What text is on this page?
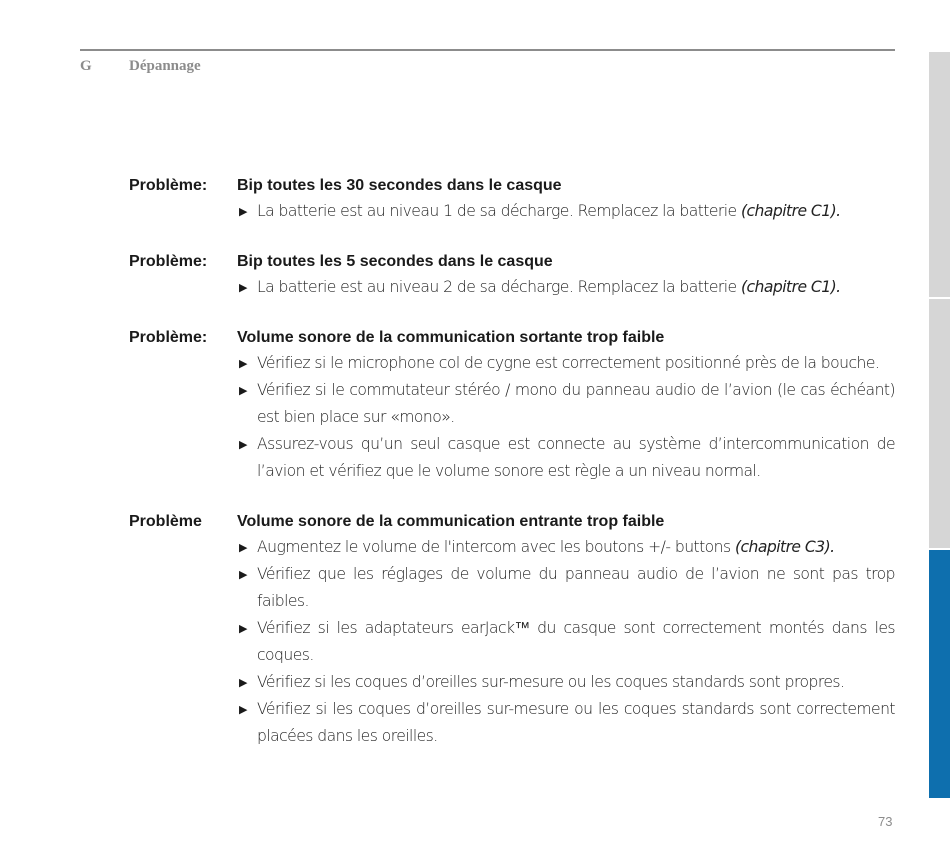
G Dépannage
Problème: Bip toutes les 30 secondes dans le casque
▶ La batterie est au niveau 1 de sa décharge. Remplacez la batterie (chapitre C1).
Problème: Bip toutes les 5 secondes dans le casque
▶ La batterie est au niveau 2 de sa décharge. Remplacez la batterie (chapitre C1).
Problème: Volume sonore de la communication sortante trop faible
▶ Vérifiez si le microphone col de cygne est correctement positionné près de la bouche.
▶ Vérifiez si le commutateur stéréo / mono du panneau audio de l’avion (le cas échéant) est bien place sur «mono».
▶ Assurez-vous qu’un seul casque est connecte au système d’intercommunication de l’avion et vérifiez que le volume sonore est règle a un niveau normal.
Problème Volume sonore de la communication entrante trop faible
▶ Augmentez le volume de l'intercom avec les boutons +/- buttons (chapitre C3).
▶ Vérifiez que les réglages de volume du panneau audio de l’avion ne sont pas trop faibles.
▶ Vérifiez si les adaptateurs earJack™ du casque sont correctement montés dans les coques.
▶ Vérifiez si les coques d’oreilles sur-mesure ou les coques standards sont propres.
▶ Vérifiez si les coques d’oreilles sur-mesure ou les coques standards sont correctement placées dans les oreilles.
73
